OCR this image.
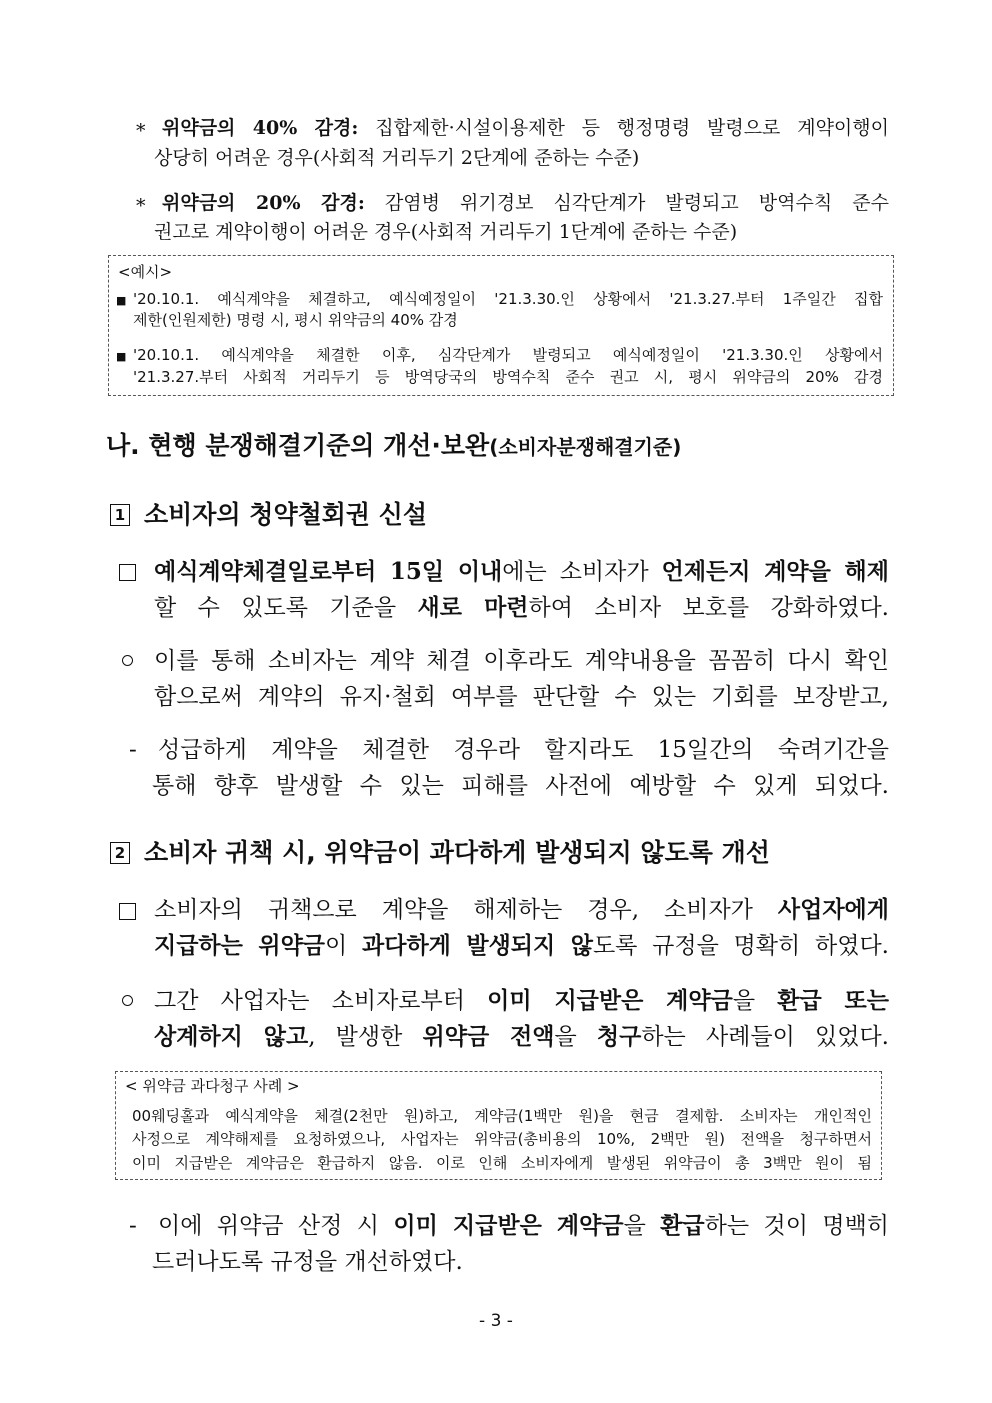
* 위약금의 40% 감경: 집합제한·시설이용제한 등 행정명령 발령으로 계약이행이
상당히 어려운 경우(사회적 거리두기 2단계에 준하는 수준)
* 위약금의 20% 감경: 감염병 위기경보 심각단계가 발령되고 방역수칙 준수
권고로 계약이행이 어려운 경우(사회적 거리두기 1단계에 준하는 수준)
<예시>
■ '20.10.1. 예식계약을 체결하고, 예식예정일이 '21.3.30.인 상황에서 '21.3.27.부터 1주일간 집합
제한(인원제한) 명령 시, 평시 위약금의 40% 감경
■ '20.10.1. 예식계약을 체결한 이후, 심각단계가 발령되고 예식예정일이 '21.3.30.인 상황에서
'21.3.27.부터 사회적 거리두기 등 방역당국의 방역수칙 준수 권고 시, 평시 위약금의 20% 감경
나. 현행 분쟁해결기준의 개선·보완(소비자분쟁해결기준)
1 소비자의 청약철회권 신설
예식계약체결일로부터 15일 이내에는 소비자가 언제든지 계약을 해제
할 수 있도록 기준을 새로 마련하여 소비자 보호를 강화하였다.
이를 통해 소비자는 계약 체결 이후라도 계약내용을 꼼꼼히 다시 확인
함으로써 계약의 유지·철회 여부를 판단할 수 있는 기회를 보장받고,
- 성급하게 계약을 체결한 경우라 할지라도 15일간의 숙려기간을
통해 향후 발생할 수 있는 피해를 사전에 예방할 수 있게 되었다.
2 소비자 귀책 시, 위약금이 과다하게 발생되지 않도록 개선
소비자의 귀책으로 계약을 해제하는 경우, 소비자가 사업자에게
지급하는 위약금이 과다하게 발생되지 않도록 규정을 명확히 하였다.
그간 사업자는 소비자로부터 이미 지급받은 계약금을 환급 또는
상계하지 않고, 발생한 위약금 전액을 청구하는 사례들이 있었다.
< 위약금 과다청구 사례 >
00웨딩홀과 예식계약을 체결(2천만 원)하고, 계약금(1백만 원)을 현금 결제함. 소비자는 개인적인
사정으로 계약해제를 요청하였으나, 사업자는 위약금(총비용의 10%, 2백만 원) 전액을 청구하면서
이미 지급받은 계약금은 환급하지 않음. 이로 인해 소비자에게 발생된 위약금이 총 3백만 원이 됨
- 이에 위약금 산정 시 이미 지급받은 계약금을 환급하는 것이 명백히
드러나도록 규정을 개선하였다.
- 3 -
